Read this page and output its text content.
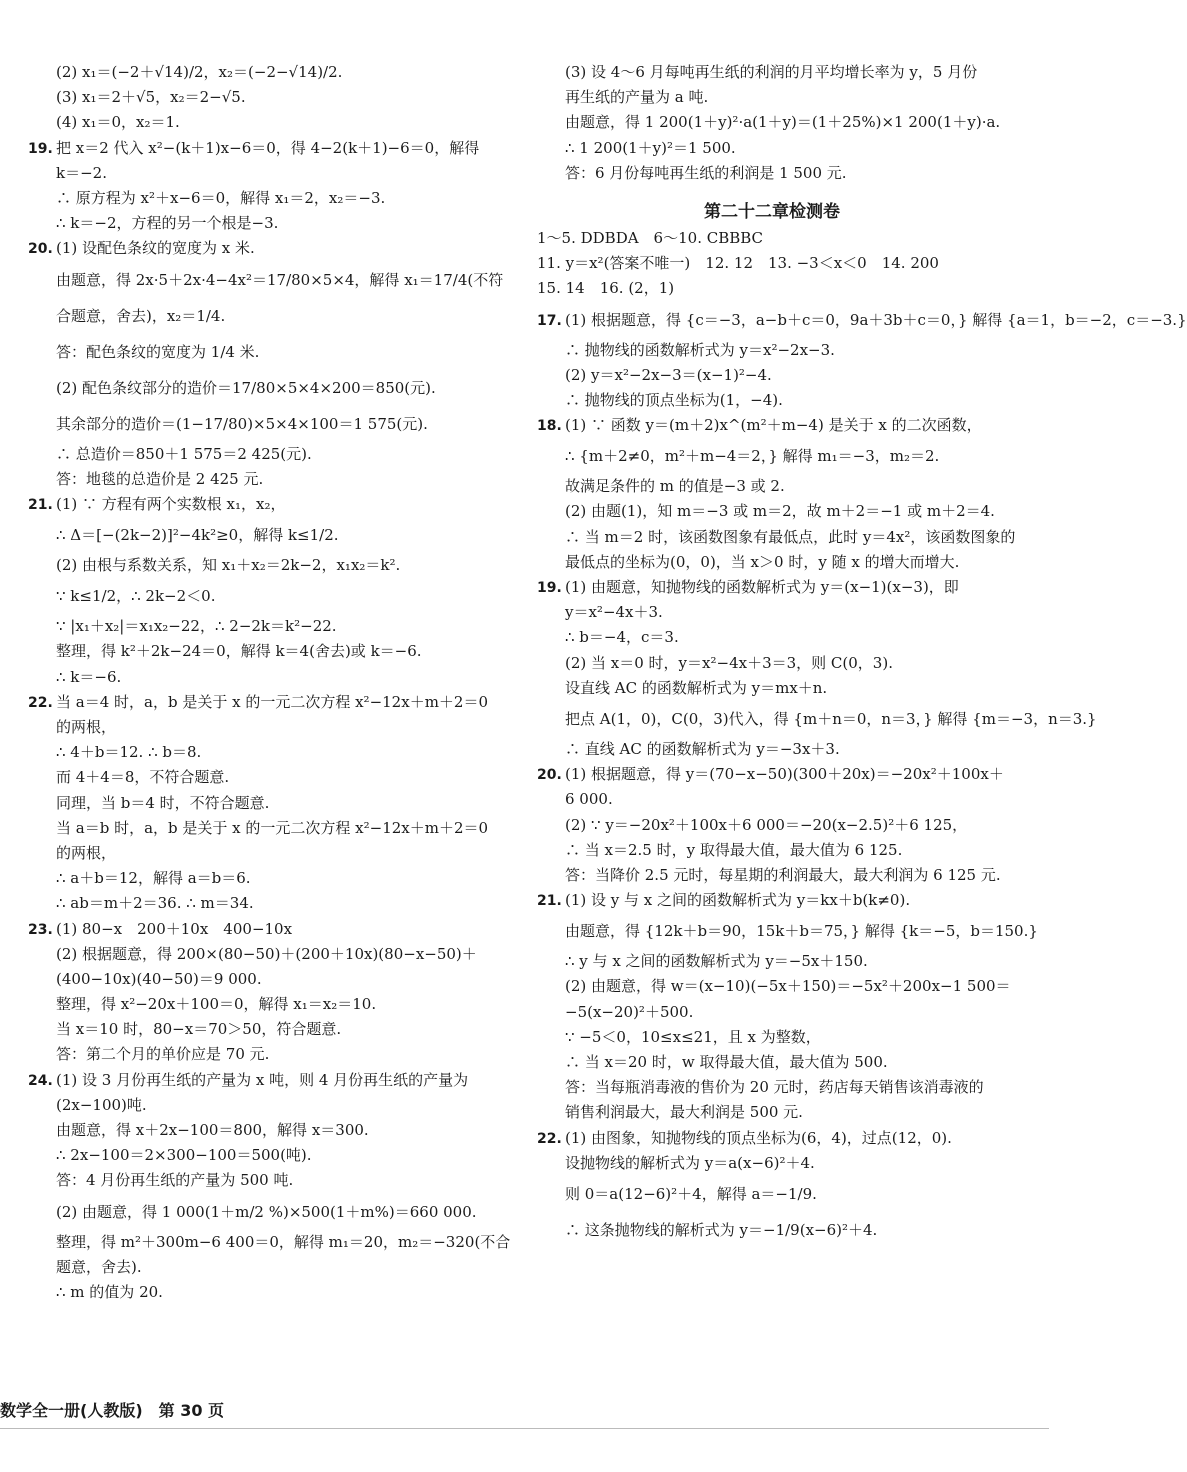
(2) x₁＝(−2＋√14)/2，x₂＝(−2−√14)/2.
(3) x₁＝2＋√5，x₂＝2−√5.
(4) x₁＝0，x₂＝1.
19. 把 x＝2 代入 x²−(k＋1)x−6＝0，得 4−2(k＋1)−6＝0，解得
k＝−2.
∴ 原方程为 x²＋x−6＝0，解得 x₁＝2，x₂＝−3.
∴ k＝−2，方程的另一个根是−3.
20. (1) 设配色条纹的宽度为 x 米.
由题意，得 2x·5＋2x·4−4x²＝17/80×5×4，解得 x₁＝17/4(不符
合题意，舍去)，x₂＝1/4.
答：配色条纹的宽度为 1/4 米.
(2) 配色条纹部分的造价＝17/80×5×4×200＝850(元).
其余部分的造价＝(1−17/80)×5×4×100＝1 575(元).
∴ 总造价＝850＋1 575＝2 425(元).
答：地毯的总造价是 2 425 元.
21. (1) ∵ 方程有两个实数根 x₁，x₂，
∴ Δ＝[−(2k−2)]²−4k²≥0，解得 k≤1/2.
(2) 由根与系数关系，知 x₁＋x₂＝2k−2，x₁x₂＝k².
∵ k≤1/2，∴ 2k−2＜0.
∵ |x₁＋x₂|＝x₁x₂−22，∴ 2−2k＝k²−22.
整理，得 k²＋2k−24＝0，解得 k＝4(舍去)或 k＝−6.
∴ k＝−6.
22. 当 a＝4 时，a，b 是关于 x 的一元二次方程 x²−12x＋m＋2＝0
的两根，
∴ 4＋b＝12. ∴ b＝8.
而 4＋4＝8，不符合题意.
同理，当 b＝4 时，不符合题意.
当 a＝b 时，a，b 是关于 x 的一元二次方程 x²−12x＋m＋2＝0
的两根，
∴ a＋b＝12，解得 a＝b＝6.
∴ ab＝m＋2＝36. ∴ m＝34.
23. (1) 80−x　200＋10x　400−10x
(2) 根据题意，得 200×(80−50)＋(200＋10x)(80−x−50)＋
(400−10x)(40−50)＝9 000.
整理，得 x²−20x＋100＝0，解得 x₁＝x₂＝10.
当 x＝10 时，80−x＝70＞50，符合题意.
答：第二个月的单价应是 70 元.
24. (1) 设 3 月份再生纸的产量为 x 吨，则 4 月份再生纸的产量为
(2x−100)吨.
由题意，得 x＋2x−100＝800，解得 x＝300.
∴ 2x−100＝2×300−100＝500(吨).
答：4 月份再生纸的产量为 500 吨.
(2) 由题意，得 1 000(1＋m/2 %)×500(1＋m%)＝660 000.
整理，得 m²＋300m−6 400＝0，解得 m₁＝20，m₂＝−320(不合
题意，舍去).
∴ m 的值为 20.
(3) 设 4～6 月每吨再生纸的利润的月平均增长率为 y，5 月份
再生纸的产量为 a 吨.
由题意，得 1 200(1＋y)²·a(1＋y)＝(1＋25%)×1 200(1＋y)·a.
∴ 1 200(1＋y)²＝1 500.
答：6 月份每吨再生纸的利润是 1 500 元.
第二十二章检测卷
1～5. DDBDA　6～10. CBBBC
11. y＝x²(答案不唯一)　12. 12　13. −3＜x＜0　14. 200
15. 14　16. (2，1)
17. (1) 根据题意，得 {c＝−3，a−b＋c＝0，9a＋3b＋c＝0，} 解得 {a＝1，b＝−2，c＝−3.}
∴ 抛物线的函数解析式为 y＝x²−2x−3.
(2) y＝x²−2x−3＝(x−1)²−4.
∴ 抛物线的顶点坐标为(1，−4).
18. (1) ∵ 函数 y＝(m＋2)x^(m²＋m−4) 是关于 x 的二次函数，
∴ {m＋2≠0，m²＋m−4＝2，} 解得 m₁＝−3，m₂＝2.
故满足条件的 m 的值是−3 或 2.
(2) 由题(1)，知 m＝−3 或 m＝2，故 m＋2＝−1 或 m＋2＝4.
∴ 当 m＝2 时，该函数图象有最低点，此时 y＝4x²，该函数图象的
最低点的坐标为(0，0)，当 x＞0 时，y 随 x 的增大而增大.
19. (1) 由题意，知抛物线的函数解析式为 y＝(x−1)(x−3)，即
y＝x²−4x＋3.
∴ b＝−4，c＝3.
(2) 当 x＝0 时，y＝x²−4x＋3＝3，则 C(0，3).
设直线 AC 的函数解析式为 y＝mx＋n.
把点 A(1，0)，C(0，3)代入，得 {m＋n＝0，n＝3，} 解得 {m＝−3，n＝3.}
∴ 直线 AC 的函数解析式为 y＝−3x＋3.
20. (1) 根据题意，得 y＝(70−x−50)(300＋20x)＝−20x²＋100x＋
6 000.
(2) ∵ y＝−20x²＋100x＋6 000＝−20(x−2.5)²＋6 125，
∴ 当 x＝2.5 时，y 取得最大值，最大值为 6 125.
答：当降价 2.5 元时，每星期的利润最大，最大利润为 6 125 元.
21. (1) 设 y 与 x 之间的函数解析式为 y＝kx＋b(k≠0).
由题意，得 {12k＋b＝90，15k＋b＝75，} 解得 {k＝−5，b＝150.}
∴ y 与 x 之间的函数解析式为 y＝−5x＋150.
(2) 由题意，得 w＝(x−10)(−5x＋150)＝−5x²＋200x−1 500＝
−5(x−20)²＋500.
∵ −5＜0，10≤x≤21，且 x 为整数，
∴ 当 x＝20 时，w 取得最大值，最大值为 500.
答：当每瓶消毒液的售价为 20 元时，药店每天销售该消毒液的
销售利润最大，最大利润是 500 元.
22. (1) 由图象，知抛物线的顶点坐标为(6，4)，过点(12，0).
设抛物线的解析式为 y＝a(x−6)²＋4.
则 0＝a(12−6)²＋4，解得 a＝−1/9.
∴ 这条抛物线的解析式为 y＝−1/9(x−6)²＋4.
数学全一册(人教版)　第 30 页
